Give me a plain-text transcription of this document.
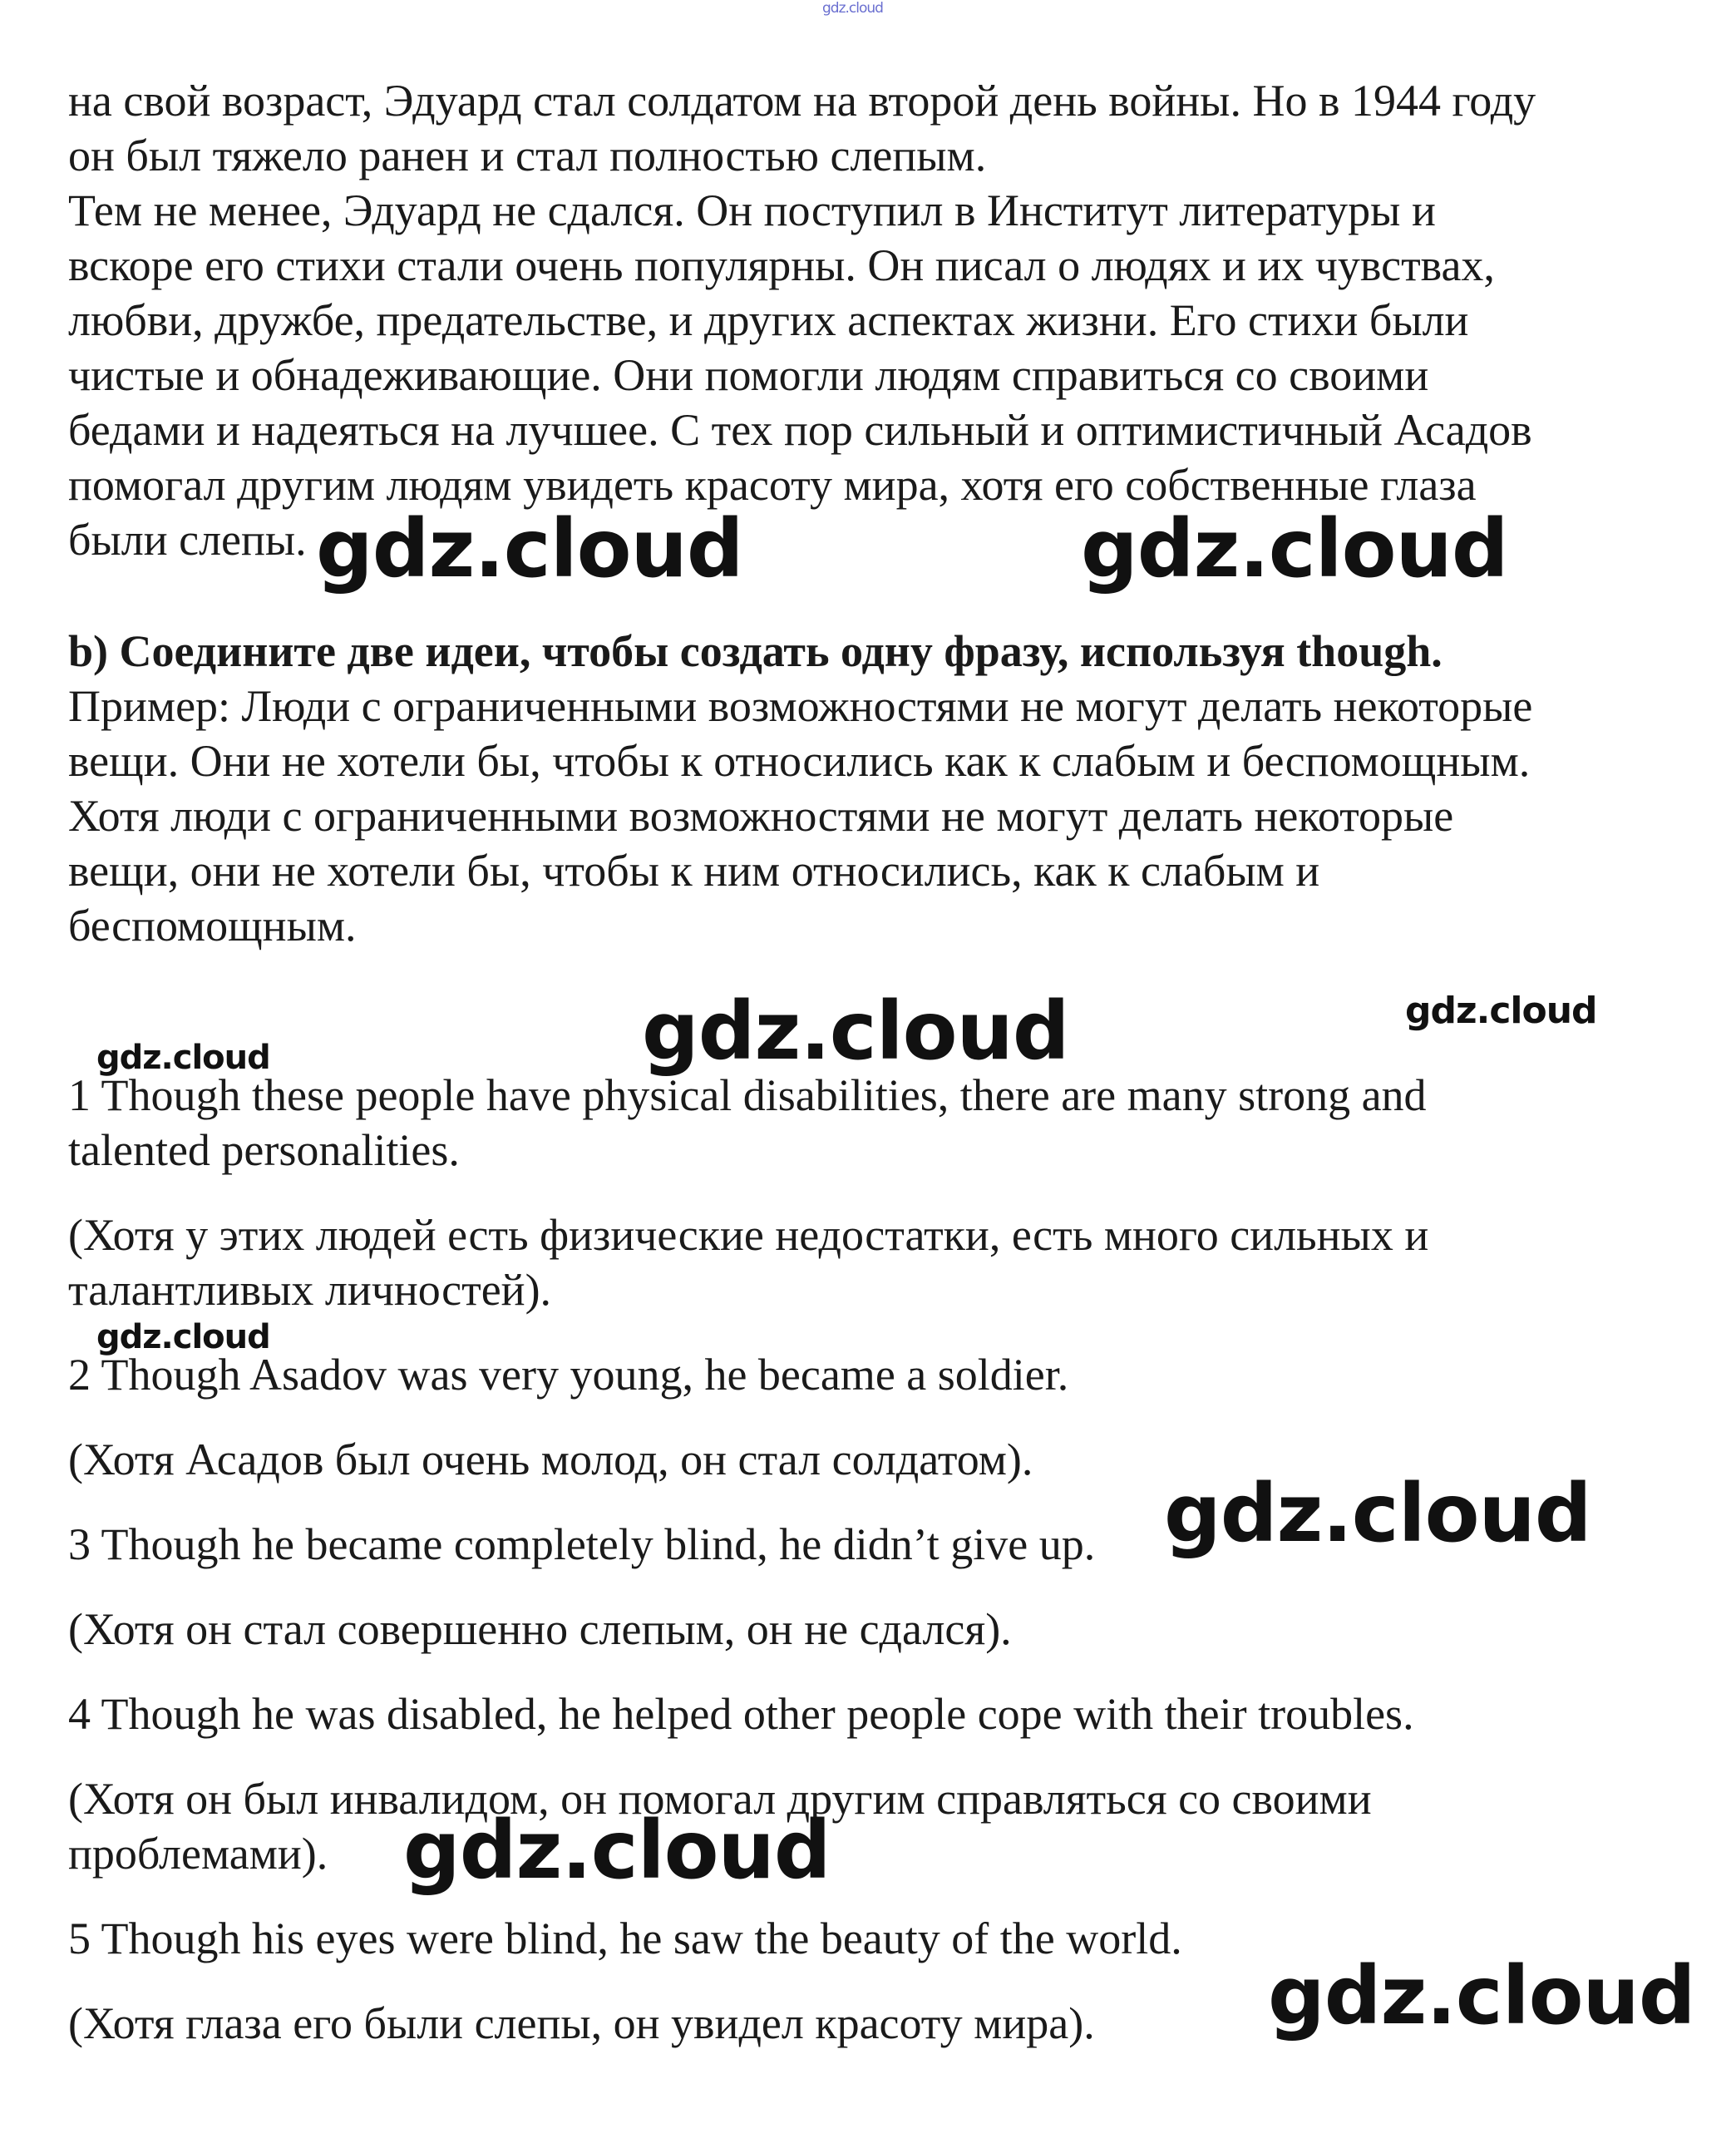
gdz.cloud
на свой возраст, Эдуард стал солдатом на второй день войны. Но в 1944 году
он был тяжело ранен и стал полностью слепым.
Тем не менее, Эдуард не сдался. Он поступил в Институт литературы и
вскоре его стихи стали очень популярны. Он писал о людях и их чувствах,
любви, дружбе, предательстве, и других аспектах жизни. Его стихи были
чистые и обнадеживающие. Они помогли людям справиться со своими
бедами и надеяться на лучшее. С тех пор сильный и оптимистичный Асадов
помогал другим людям увидеть красоту мира, хотя его собственные глаза
были слепы. gdz.cloud	gdz.cloud
b) Соедините две идеи, чтобы создать одну фразу, используя though.
Пример: Люди с ограниченными возможностями не могут делать некоторые
вещи. Они не хотели бы, чтобы к относились как к слабым и беспомощным.
Хотя люди с ограниченными возможностями не могут делать некоторые
вещи, они не хотели бы, чтобы к ним относились, как к слабым и
беспомощным.
gdz.cloud	gdz.cloud
gdz.cloud
1 Though these people have physical disabilities, there are many strong and
talented personalities.
(Хотя у этих людей есть физические недостатки, есть много сильных и
талантливых личностей).
gdz.cloud
2 Though Asadov was very young, he became a soldier.
(Хотя Асадов был очень молод, он стал солдатом).
gdz.cloud
3 Though he became completely blind, he didn’t give up.
(Хотя он стал совершенно слепым, он не сдался).
4 Though he was disabled, he helped other people cope with their troubles.
(Хотя он был инвалидом, он помогал другим справляться со своими
проблемами). gdz.cloud
5 Though his eyes were blind, he saw the beauty of the world.
(Хотя глаза его были слепы, он увидел красоту мира). gdz.cloud
